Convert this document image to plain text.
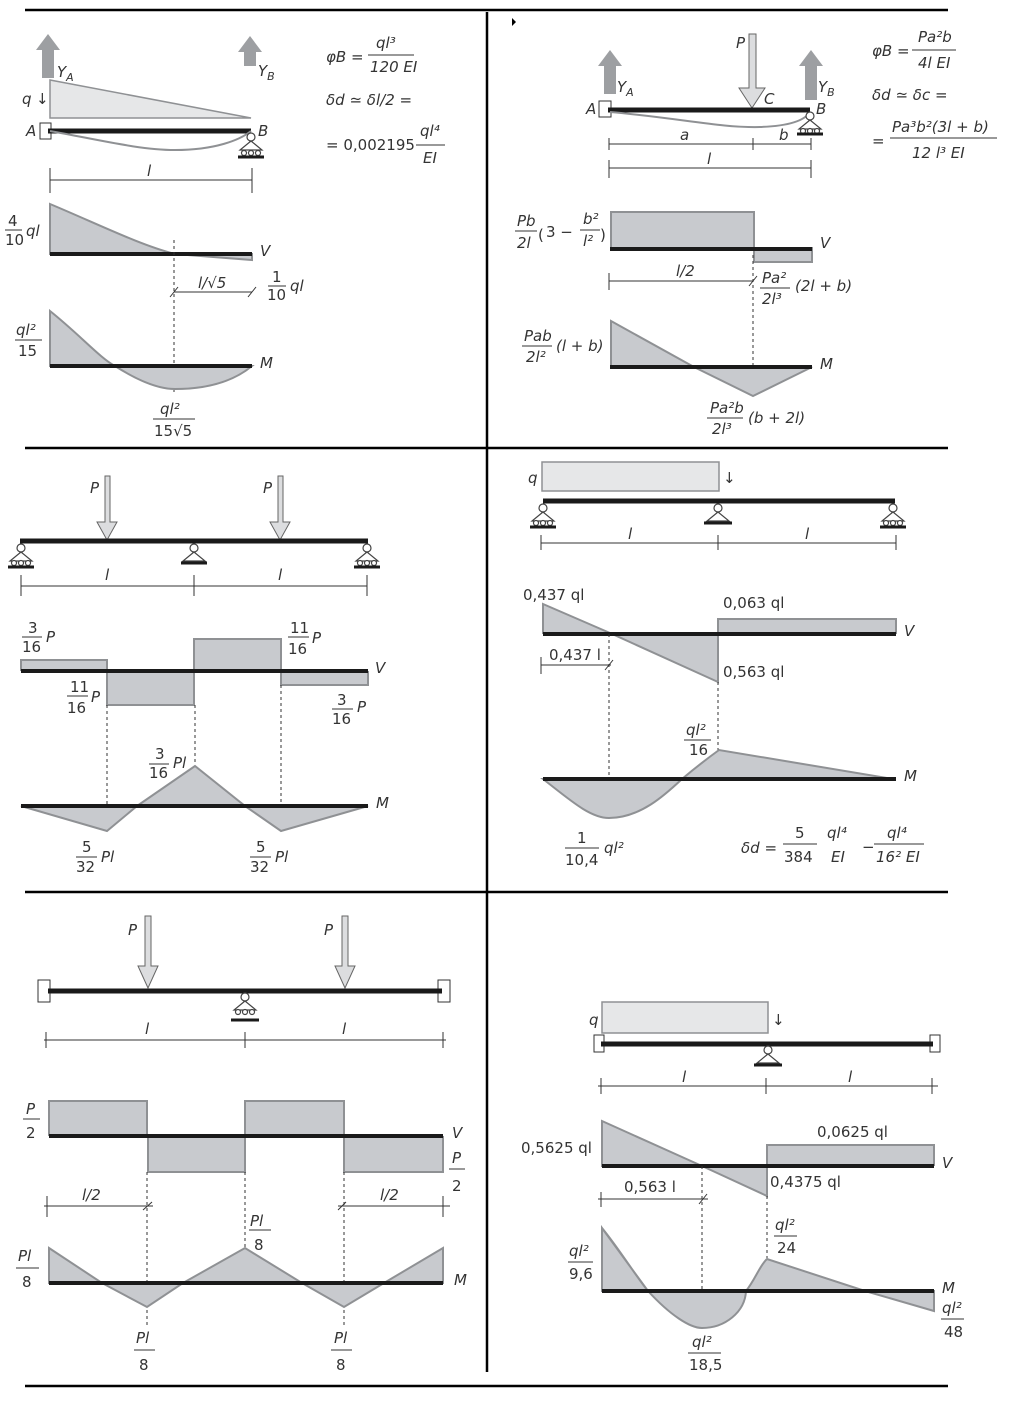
$Y_A$	$Y_B$
q ↓
A	B
l
φB =
ql³
120 EI
δd ≃ δl/2 =
= 0,002195
ql⁴
EI
V
4
10 ql
l/√5	1
10 ql
M
ql²
15
ql²
15√5
$Y_A$	$Y_B$
P
C
A	B
a	b
l
φB =
Pa²b
4l EI
δd ≃ δc =
=
Pa³b²(3l + b)
12 l³ EI
V
Pb
2l ( 3 −
b²
l² )
l/2	Pa²
2l³
(2l + b)
M
Pab
2l²
(l + b)
Pa²b
2l³
(b + 2l)
P	P
l	l
V
3
16
P
11
16
P
11
16
P
3
16
P
M
3
16
Pl
5
32
Pl
5
32
Pl
q	↓
l	l
V
0,437 ql	0,063 ql
0,563 ql
0,437 l
M
ql²
16
1
10,4
ql²	δd =
5
384
ql⁴
EI
−
ql⁴
16² EI
P	P
l	l
V
P
2
P
2
l/2	l/2
M
Pl
8
Pl
8
Pl
8
Pl
8
q	↓
l	l
V
0,5625 ql
0,0625 ql
0,4375 ql
0,563 l
M
ql²
9,6
ql²
24
ql²
18,5
ql²
48
